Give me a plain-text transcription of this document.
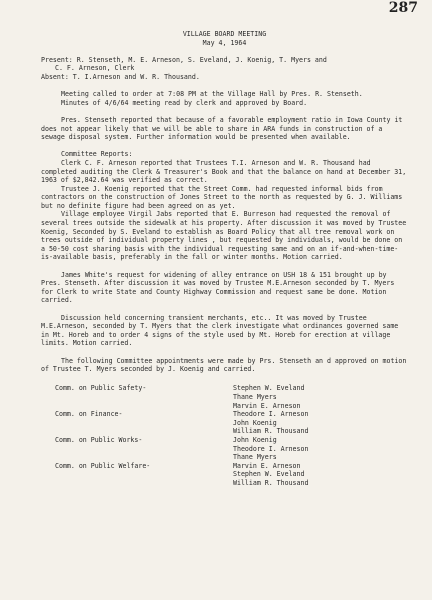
287

VILLAGE BOARD MEETING

May 4, 1964

Present: R. Stenseth, M. E. Arneson, S. Eveland, J. Koenig, T. Myers and

C. F. Arneson, Clerk

Absent: T. I.Arneson and W. R. Thousand.

Meeting called to order at 7:08 PM at the Village Hall by Pres. R. Stenseth.

Minutes of 4/6/64 meeting read by clerk and approved by Board.

Pres. Stenseth reported that because of a favorable employment ratio in Iowa County it does not appear likely that we will be able to share in ARA funds in construction of a sewage disposal system. Further information would be presented when available.

Committee Reports:

Clerk C. F. Arneson reported that Trustees T.I. Arneson and W. R. Thousand had completed auditing the Clerk & Treasurer's Book and that the balance on hand at December 31, 1963 of $2,842.64 was verified as correct.

Trustee J. Koenig reported that the Street Comm. had requested informal bids from contractors on the construction of Jones Street to the north as requested by G. J. Williams but no definite figure had been agreed on as yet.

Village employee Virgil Jabs reported that E. Burreson had requested the removal of several trees outside the sidewalk at his property. After discussion it was moved by Trustee Koenig, Seconded by S. Eveland to establish as Board Policy that all tree removal work on trees outside of individual property lines , but requested by individuals, would be done on a 50-50 cost sharing basis with the individual requesting same and on an if-and-when-time-is-available basis, preferably in the fall or winter months. Motion carried.

James White's request for widening of alley entrance on USH 18 & 151 brought up by Pres. Stenseth. After discussion it was moved by Trustee M.E.Arneson seconded by T. Myers for Clerk to write State and County Highway Commission and request same be done. Motion carried.

Discussion held concerning transient merchants, etc.. It was moved by Trustee M.E.Arneson, seconded by T. Myers that the clerk investigate what ordinances governed same in Mt. Horeb and to order 4 signs of the style used by Mt. Horeb for erection at village limits. Motion carried.

The following Committee appointments were made by Prs. Stenseth an d approved on motion of Trustee T. Myers seconded by J. Koenig and carried.

Comm. on Public Safety-	Stephen W. Eveland
Thane Myers
Marvin E. Arneson
Comm. on Finance-	Theodore I. Arneson
John Koenig
William R. Thousand
Comm. on Public Works-	John Koenig
Theodore I. Arneson
Thane Myers
Comm. on Public Welfare-	Marvin E. Arneson
Stephen W. Eveland
William R. Thousand
